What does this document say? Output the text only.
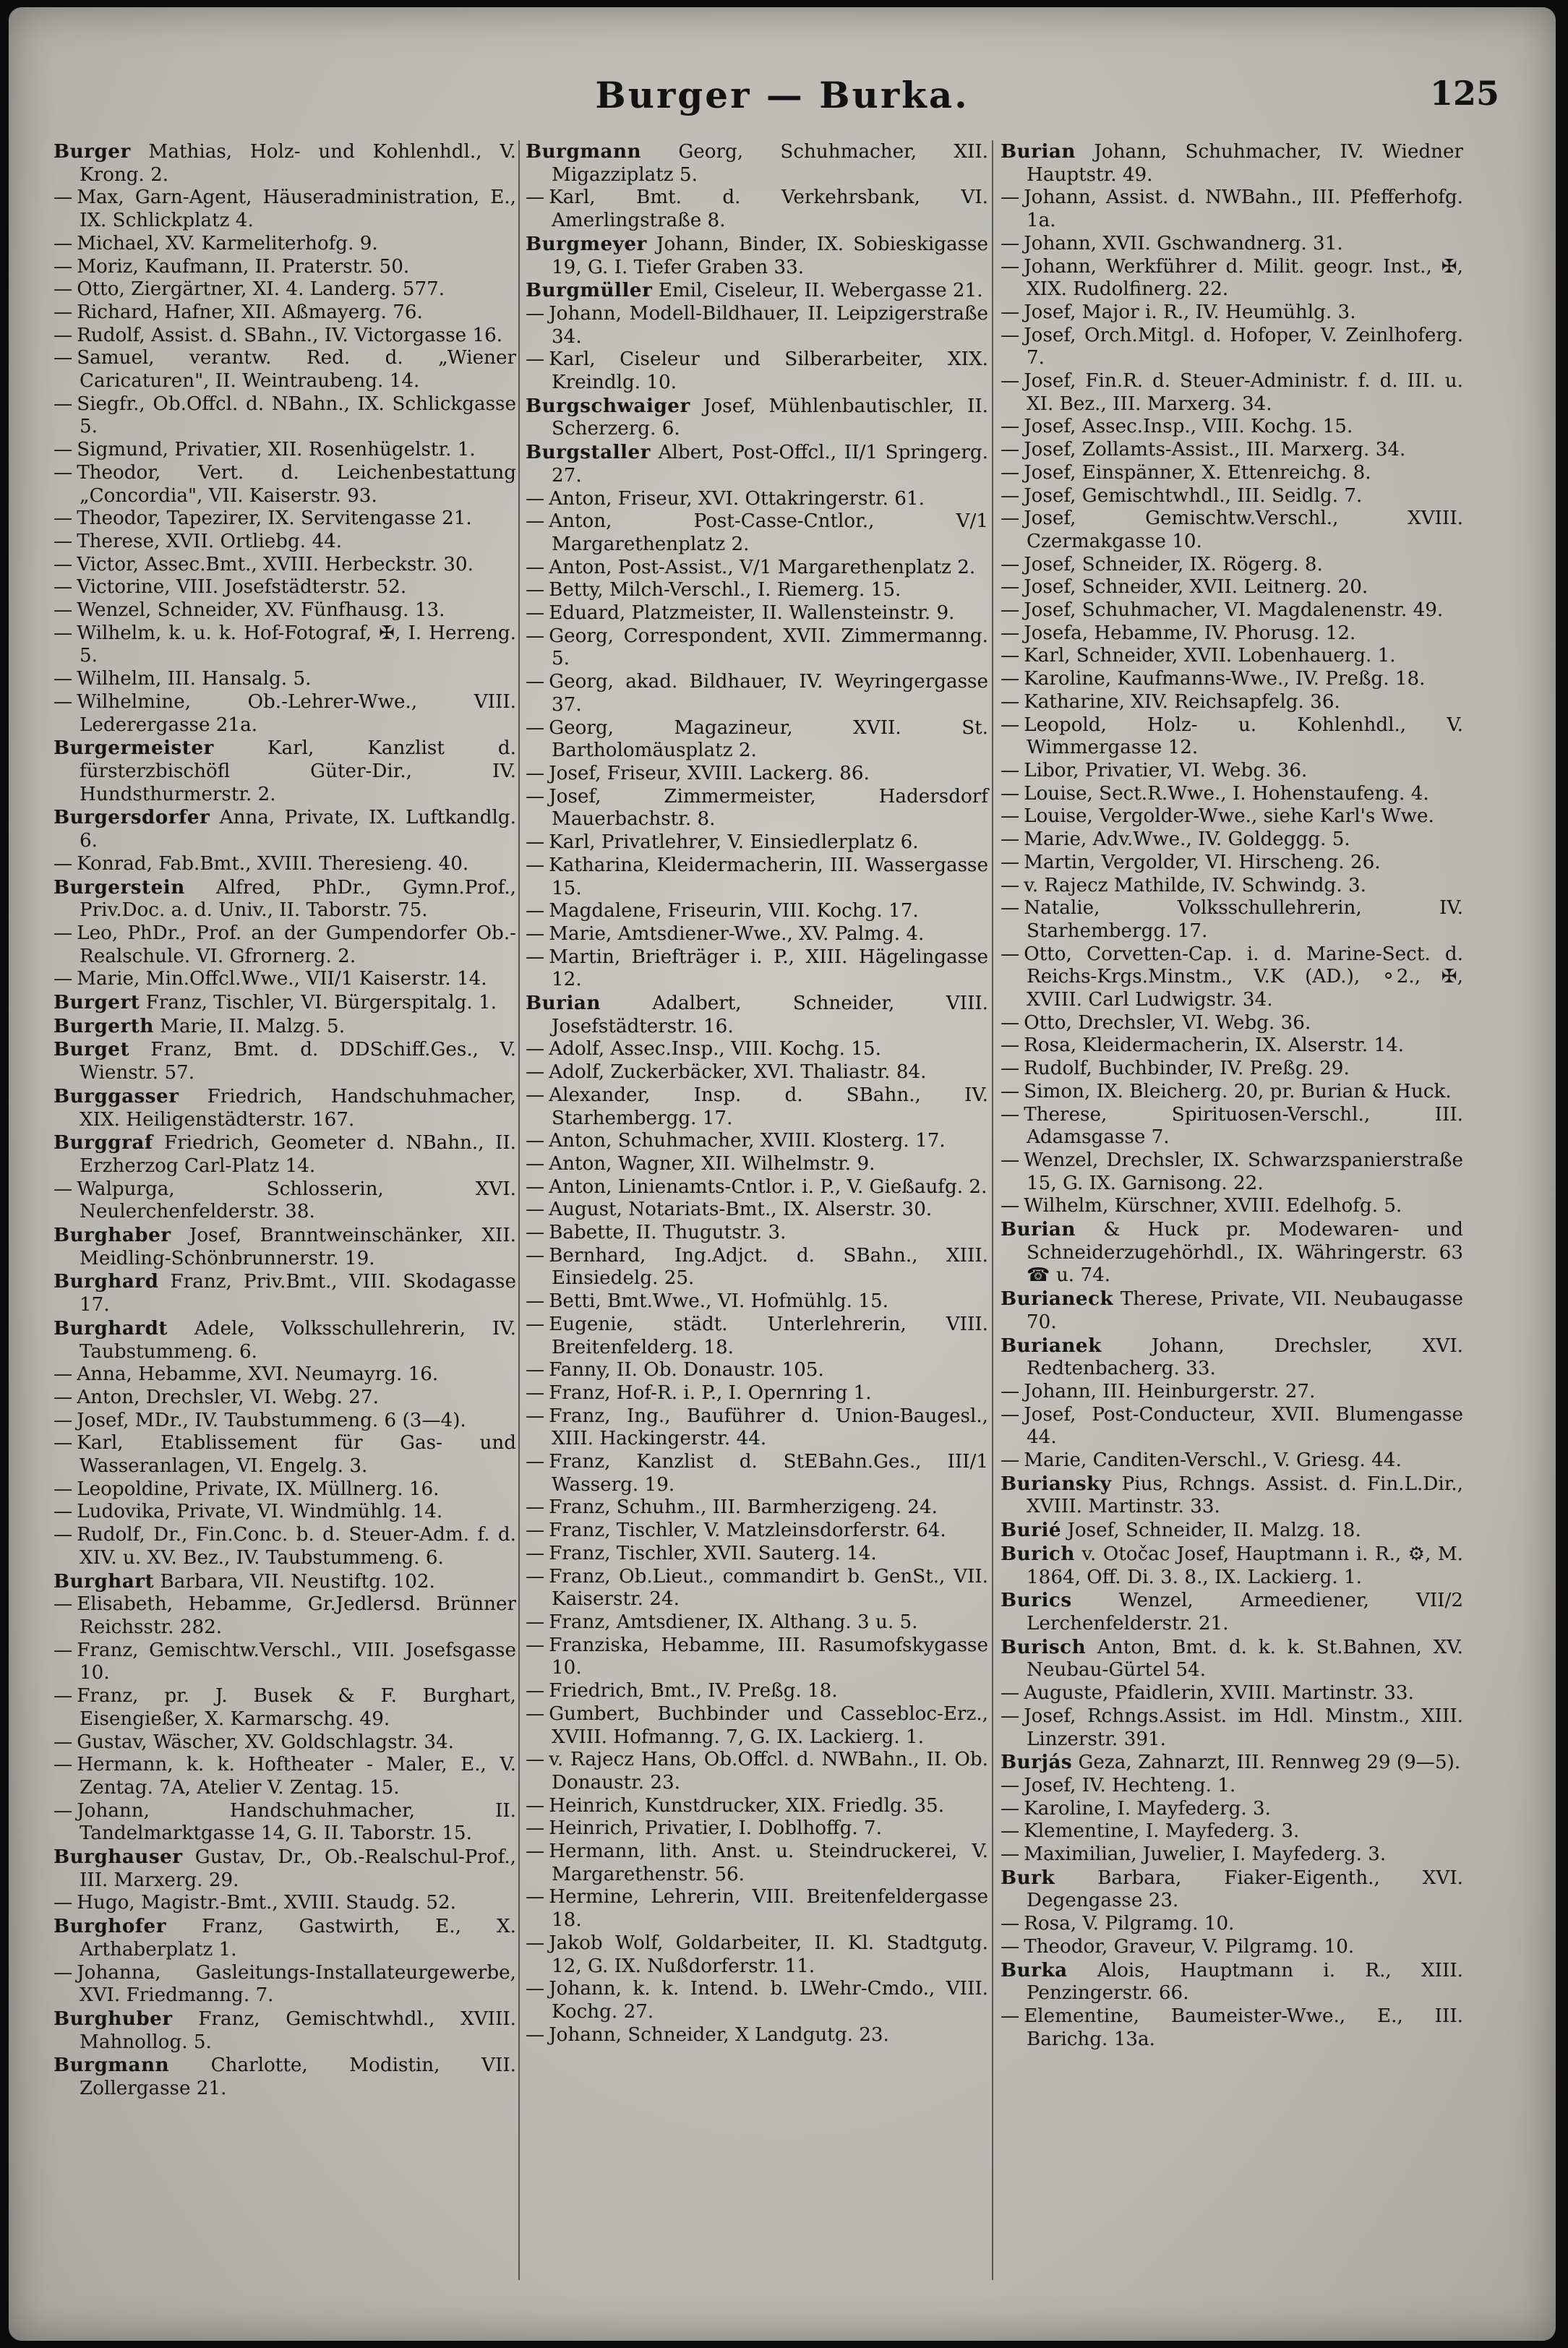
Burger — Burka.	125

Burger Mathias, Holz- und Kohlenhdl., V. Krong. 2.

— Max, Garn-Agent, Häuseradministration, E., IX. Schlickplatz 4.

— Michael, XV. Karmeliterhofg. 9.

— Moriz, Kaufmann, II. Praterstr. 50.

— Otto, Ziergärtner, XI. 4. Landerg. 577.

— Richard, Hafner, XII. Aßmayerg. 76.

— Rudolf, Assist. d. SBahn., IV. Victorgasse 16.

— Samuel, verantw. Red. d. „Wiener Caricaturen", II. Weintraubeng. 14.

— Siegfr., Ob.Offcl. d. NBahn., IX. Schlickgasse 5.

— Sigmund, Privatier, XII. Rosenhügelstr. 1.

— Theodor, Vert. d. Leichenbestattung „Concordia", VII. Kaiserstr. 93.

— Theodor, Tapezirer, IX. Servitengasse 21.

— Therese, XVII. Ortliebg. 44.

— Victor, Assec.Bmt., XVIII. Herbeckstr. 30.

— Victorine, VIII. Josefstädterstr. 52.

— Wenzel, Schneider, XV. Fünfhausg. 13.

— Wilhelm, k. u. k. Hof-Fotograf, ✠, I. Herreng. 5.

— Wilhelm, III. Hansalg. 5.

— Wilhelmine, Ob.-Lehrer-Wwe., VIII. Lederergasse 21a.

Burgermeister Karl, Kanzlist d. fürsterzbischöfl Güter-Dir., IV. Hundsthurmerstr. 2.

Burgersdorfer Anna, Private, IX. Luftkandlg. 6.

— Konrad, Fab.Bmt., XVIII. Theresieng. 40.

Burgerstein Alfred, PhDr., Gymn.Prof., Priv.Doc. a. d. Univ., II. Taborstr. 75.

— Leo, PhDr., Prof. an der Gumpendorfer Ob.-Realschule. VI. Gfrornerg. 2.

— Marie, Min.Offcl.Wwe., VII/1 Kaiserstr. 14.

Burgert Franz, Tischler, VI. Bürgerspitalg. 1.

Burgerth Marie, II. Malzg. 5.

Burget Franz, Bmt. d. DDSchiff.Ges., V. Wienstr. 57.

Burggasser Friedrich, Handschuhmacher, XIX. Heiligenstädterstr. 167.

Burggraf Friedrich, Geometer d. NBahn., II. Erzherzog Carl-Platz 14.

— Walpurga, Schlosserin, XVI. Neulerchenfelderstr. 38.

Burghaber Josef, Branntweinschänker, XII. Meidling-Schönbrunnerstr. 19.

Burghard Franz, Priv.Bmt., VIII. Skodagasse 17.

Burghardt Adele, Volksschullehrerin, IV. Taubstummeng. 6.

— Anna, Hebamme, XVI. Neumayrg. 16.

— Anton, Drechsler, VI. Webg. 27.

— Josef, MDr., IV. Taubstummeng. 6 (3—4).

— Karl, Etablissement für Gas- und Wasseranlagen, VI. Engelg. 3.

— Leopoldine, Private, IX. Müllnerg. 16.

— Ludovika, Private, VI. Windmühlg. 14.

— Rudolf, Dr., Fin.Conc. b. d. Steuer-Adm. f. d. XIV. u. XV. Bez., IV. Taubstummeng. 6.

Burghart Barbara, VII. Neustiftg. 102.

— Elisabeth, Hebamme, Gr.Jedlersd. Brünner Reichsstr. 282.

— Franz, Gemischtw.Verschl., VIII. Josefsgasse 10.

— Franz, pr. J. Busek & F. Burghart, Eisengießer, X. Karmarschg. 49.

— Gustav, Wäscher, XV. Goldschlagstr. 34.

— Hermann, k. k. Hoftheater - Maler, E., V. Zentag. 7A, Atelier V. Zentag. 15.

— Johann, Handschuhmacher, II. Tandelmarktgasse 14, G. II. Taborstr. 15.

Burghauser Gustav, Dr., Ob.-Realschul-Prof., III. Marxerg. 29.

— Hugo, Magistr.-Bmt., XVIII. Staudg. 52.

Burghofer Franz, Gastwirth, E., X. Arthaberplatz 1.

— Johanna, Gasleitungs-Installateurgewerbe, XVI. Friedmanng. 7.

Burghuber Franz, Gemischtwhdl., XVIII. Mahnollog. 5.

Burgmann Charlotte, Modistin, VII. Zollergasse 21.

Burgmann Georg, Schuhmacher, XII. Migazziplatz 5.

— Karl, Bmt. d. Verkehrsbank, VI. Amerlingstraße 8.

Burgmeyer Johann, Binder, IX. Sobieskigasse 19, G. I. Tiefer Graben 33.

Burgmüller Emil, Ciseleur, II. Webergasse 21.

— Johann, Modell-Bildhauer, II. Leipzigerstraße 34.

— Karl, Ciseleur und Silberarbeiter, XIX. Kreindlg. 10.

Burgschwaiger Josef, Mühlenbautischler, II. Scherzerg. 6.

Burgstaller Albert, Post-Offcl., II/1 Springerg. 27.

— Anton, Friseur, XVI. Ottakringerstr. 61.

— Anton, Post-Casse-Cntlor., V/1 Margarethenplatz 2.

— Anton, Post-Assist., V/1 Margarethenplatz 2.

— Betty, Milch-Verschl., I. Riemerg. 15.

— Eduard, Platzmeister, II. Wallensteinstr. 9.

— Georg, Correspondent, XVII. Zimmermanng. 5.

— Georg, akad. Bildhauer, IV. Weyringergasse 37.

— Georg, Magazineur, XVII. St. Bartholomäusplatz 2.

— Josef, Friseur, XVIII. Lackerg. 86.

— Josef, Zimmermeister, Hadersdorf Mauerbachstr. 8.

— Karl, Privatlehrer, V. Einsiedlerplatz 6.

— Katharina, Kleidermacherin, III. Wassergasse 15.

— Magdalene, Friseurin, VIII. Kochg. 17.

— Marie, Amtsdiener-Wwe., XV. Palmg. 4.

— Martin, Briefträger i. P., XIII. Hägelingasse 12.

Burian Adalbert, Schneider, VIII. Josefstädterstr. 16.

— Adolf, Assec.Insp., VIII. Kochg. 15.

— Adolf, Zuckerbäcker, XVI. Thaliastr. 84.

— Alexander, Insp. d. SBahn., IV. Starhembergg. 17.

— Anton, Schuhmacher, XVIII. Klosterg. 17.

— Anton, Wagner, XII. Wilhelmstr. 9.

— Anton, Linienamts-Cntlor. i. P., V. Gießaufg. 2.

— August, Notariats-Bmt., IX. Alserstr. 30.

— Babette, II. Thugutstr. 3.

— Bernhard, Ing.Adjct. d. SBahn., XIII. Einsiedelg. 25.

— Betti, Bmt.Wwe., VI. Hofmühlg. 15.

— Eugenie, städt. Unterlehrerin, VIII. Breitenfelderg. 18.

— Fanny, II. Ob. Donaustr. 105.

— Franz, Hof-R. i. P., I. Opernring 1.

— Franz, Ing., Bauführer d. Union-Baugesl., XIII. Hackingerstr. 44.

— Franz, Kanzlist d. StEBahn.Ges., III/1 Wasserg. 19.

— Franz, Schuhm., III. Barmherzigeng. 24.

— Franz, Tischler, V. Matzleinsdorferstr. 64.

— Franz, Tischler, XVII. Sauterg. 14.

— Franz, Ob.Lieut., commandirt b. GenSt., VII. Kaiserstr. 24.

— Franz, Amtsdiener, IX. Althang. 3 u. 5.

— Franziska, Hebamme, III. Rasumofskygasse 10.

— Friedrich, Bmt., IV. Preßg. 18.

— Gumbert, Buchbinder und Cassebloc-Erz., XVIII. Hofmanng. 7, G. IX. Lackierg. 1.

— v. Rajecz Hans, Ob.Offcl. d. NWBahn., II. Ob. Donaustr. 23.

— Heinrich, Kunstdrucker, XIX. Friedlg. 35.

— Heinrich, Privatier, I. Doblhoffg. 7.

— Hermann, lith. Anst. u. Steindruckerei, V. Margarethenstr. 56.

— Hermine, Lehrerin, VIII. Breitenfeldergasse 18.

— Jakob Wolf, Goldarbeiter, II. Kl. Stadtgutg. 12, G. IX. Nußdorferstr. 11.

— Johann, k. k. Intend. b. LWehr-Cmdo., VIII. Kochg. 27.

— Johann, Schneider, X Landgutg. 23.

Burian Johann, Schuhmacher, IV. Wiedner Hauptstr. 49.

— Johann, Assist. d. NWBahn., III. Pfefferhofg. 1a.

— Johann, XVII. Gschwandnerg. 31.

— Johann, Werkführer d. Milit. geogr. Inst., ✠, XIX. Rudolfinerg. 22.

— Josef, Major i. R., IV. Heumühlg. 3.

— Josef, Orch.Mitgl. d. Hofoper, V. Zeinlhoferg. 7.

— Josef, Fin.R. d. Steuer-Administr. f. d. III. u. XI. Bez., III. Marxerg. 34.

— Josef, Assec.Insp., VIII. Kochg. 15.

— Josef, Zollamts-Assist., III. Marxerg. 34.

— Josef, Einspänner, X. Ettenreichg. 8.

— Josef, Gemischtwhdl., III. Seidlg. 7.

— Josef, Gemischtw.Verschl., XVIII. Czermakgasse 10.

— Josef, Schneider, IX. Rögerg. 8.

— Josef, Schneider, XVII. Leitnerg. 20.

— Josef, Schuhmacher, VI. Magdalenenstr. 49.

— Josefa, Hebamme, IV. Phorusg. 12.

— Karl, Schneider, XVII. Lobenhauerg. 1.

— Karoline, Kaufmanns-Wwe., IV. Preßg. 18.

— Katharine, XIV. Reichsapfelg. 36.

— Leopold, Holz- u. Kohlenhdl., V. Wimmergasse 12.

— Libor, Privatier, VI. Webg. 36.

— Louise, Sect.R.Wwe., I. Hohenstaufeng. 4.

— Louise, Vergolder-Wwe., siehe Karl's Wwe.

— Marie, Adv.Wwe., IV. Goldeggg. 5.

— Martin, Vergolder, VI. Hirscheng. 26.

— v. Rajecz Mathilde, IV. Schwindg. 3.

— Natalie, Volksschullehrerin, IV. Starhembergg. 17.

— Otto, Corvetten-Cap. i. d. Marine-Sect. d. Reichs-Krgs.Minstm., V.K (AD.), ⚬2., ✠, XVIII. Carl Ludwigstr. 34.

— Otto, Drechsler, VI. Webg. 36.

— Rosa, Kleidermacherin, IX. Alserstr. 14.

— Rudolf, Buchbinder, IV. Preßg. 29.

— Simon, IX. Bleicherg. 20, pr. Burian & Huck.

— Therese, Spirituosen-Verschl., III. Adamsgasse 7.

— Wenzel, Drechsler, IX. Schwarzspanierstraße 15, G. IX. Garnisong. 22.

— Wilhelm, Kürschner, XVIII. Edelhofg. 5.

Burian & Huck pr. Modewaren- und Schneiderzugehörhdl., IX. Währingerstr. 63 ☎ u. 74.

Burianeck Therese, Private, VII. Neubaugasse 70.

Burianek Johann, Drechsler, XVI. Redtenbacherg. 33.

— Johann, III. Heinburgerstr. 27.

— Josef, Post-Conducteur, XVII. Blumengasse 44.

— Marie, Canditen-Verschl., V. Griesg. 44.

Buriansky Pius, Rchngs. Assist. d. Fin.L.Dir., XVIII. Martinstr. 33.

Burié Josef, Schneider, II. Malzg. 18.

Burich v. Otočac Josef, Hauptmann i. R., ⚙, M. 1864, Off. Di. 3. 8., IX. Lackierg. 1.

Burics Wenzel, Armeediener, VII/2 Lerchenfelderstr. 21.

Burisch Anton, Bmt. d. k. k. St.Bahnen, XV. Neubau-Gürtel 54.

— Auguste, Pfaidlerin, XVIII. Martinstr. 33.

— Josef, Rchngs.Assist. im Hdl. Minstm., XIII. Linzerstr. 391.

Burjás Geza, Zahnarzt, III. Rennweg 29 (9—5).

— Josef, IV. Hechteng. 1.

— Karoline, I. Mayfederg. 3.

— Klementine, I. Mayfederg. 3.

— Maximilian, Juwelier, I. Mayfederg. 3.

Burk Barbara, Fiaker-Eigenth., XVI. Degengasse 23.

— Rosa, V. Pilgramg. 10.

— Theodor, Graveur, V. Pilgramg. 10.

Burka Alois, Hauptmann i. R., XIII. Penzingerstr. 66.

— Elementine, Baumeister-Wwe., E., III. Barichg. 13a.
